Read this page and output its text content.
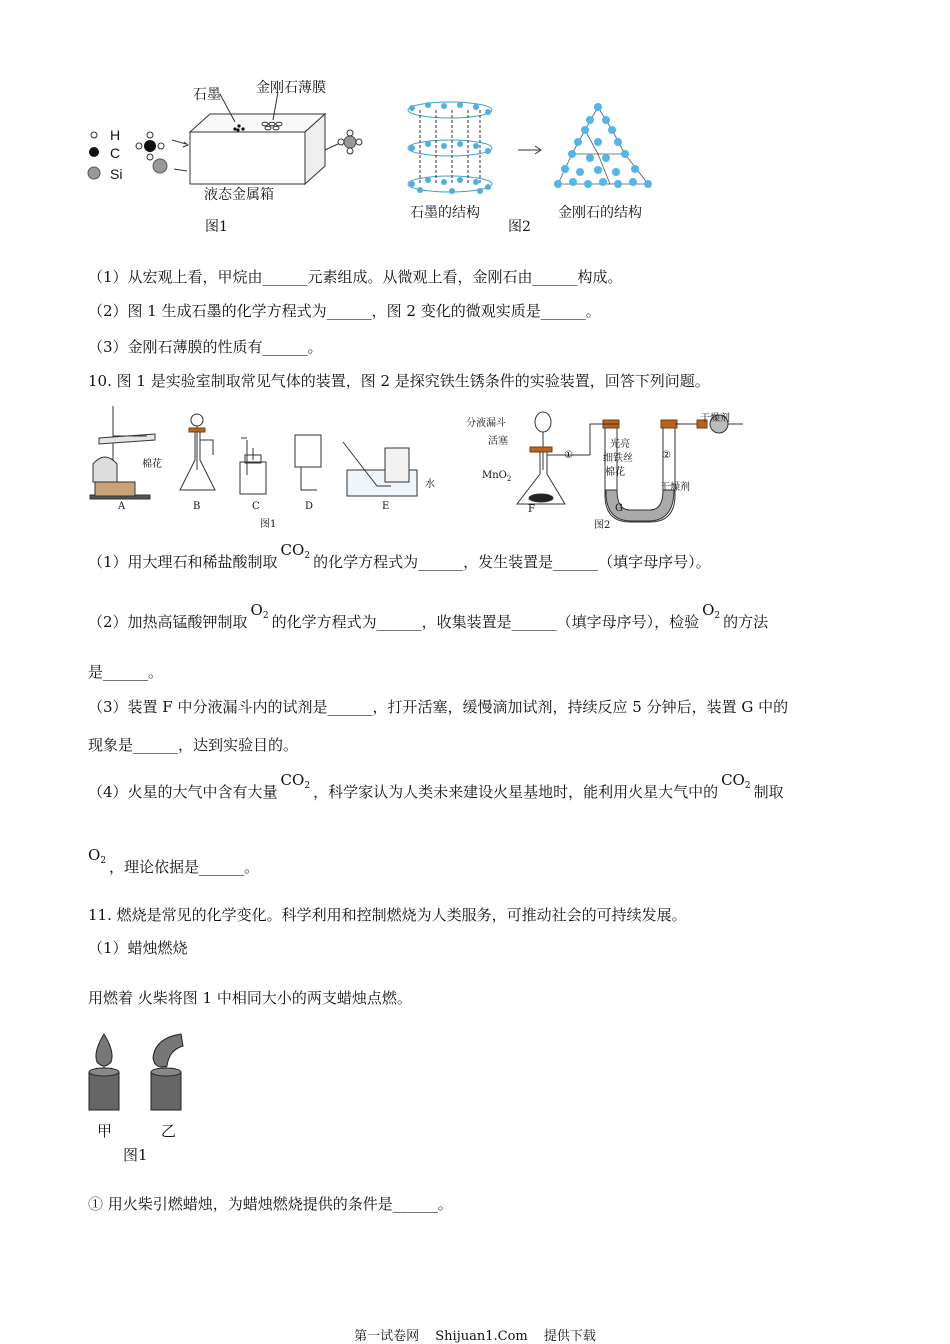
H
C
Si
石墨	金刚石薄膜
液态金属箱
图1
石墨的结构
图2
金刚石的结构
（1）从宏观上看，甲烷由______元素组成。从微观上看，金刚石由______构成。
（2）图 1 生成石墨的化学方程式为______，图 2 变化的微观实质是______。
（3）金刚石薄膜的性质有______。
10. 图 1 是实验室制取常见气体的装置，图 2 是探究铁生锈条件的实验装置，回答下列问题。
棉花
A	B	C	D	E
水
图1
分液漏斗
活塞
MnO$_2$
F
光亮
细铁丝
棉花
①	②
干燥剂
干燥剂
G
图2
（1）用大理石和稀盐酸制取$CO_2$ 的化学方程式为______，发生装置是______（填字母序号）。
（2）加热高锰酸钾制取$O_2$ 的化学方程式为______，收集装置是______（填字母序号），检验$O_2$ 的方法
是______。
（3）装置 F 中分液漏斗内的试剂是______，打开活塞，缓慢滴加试剂，持续反应 5 分钟后，装置 G 中的
现象是______，达到实验目的。
（4）火星的大气中含有大量$CO_2$ ，科学家认为人类未来建设火星基地时，能利用火星大气中的$CO_2$ 制取
$O_2$ ，理论依据是______。
11. 燃烧是常见的化学变化。科学利用和控制燃烧为人类服务，可推动社会的可持续发展。
（1）蜡烛燃烧
用燃着 火柴将图 1 中相同大小的两支蜡烛点燃。
甲	乙
图1
① 用火柴引燃蜡烛，为蜡烛燃烧提供的条件是______。
第一试卷网 Shijuan1.Com 提供下载
